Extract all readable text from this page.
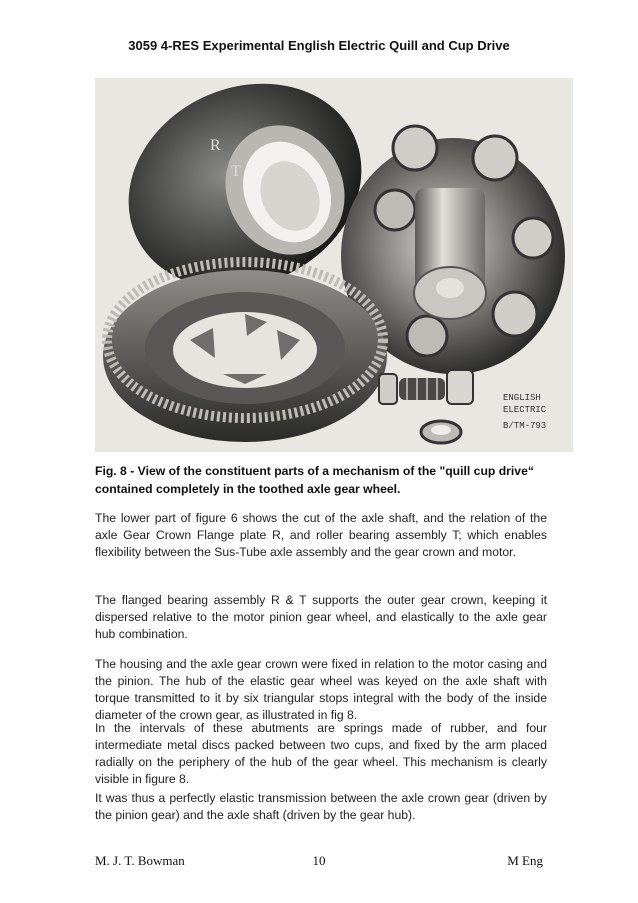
3059 4-RES Experimental English Electric Quill and Cup Drive
R
T
ENGLISH
ELECTRIC
B/TM-793
Fig. 8 - View of the constituent parts of a mechanism of the "quill cup drive“ contained completely in the toothed axle gear wheel.

The lower part of figure 6 shows the cut of the axle shaft, and the relation of the axle Gear Crown Flange plate R, and roller bearing assembly T; which enables flexibility between the Sus-Tube axle assembly and the gear crown and motor.

The flanged bearing assembly R & T supports the outer gear crown, keeping it dispersed relative to the motor pinion gear wheel, and elastically to the axle gear hub combination.

The housing and the axle gear crown were fixed in relation to the motor casing and the pinion. The hub of the elastic gear wheel was keyed on the axle shaft with torque transmitted to it by six triangular stops integral with the body of the inside diameter of the crown gear, as illustrated in fig 8.

In the intervals of these abutments are springs made of rubber, and four intermediate metal discs packed between two cups, and fixed by the arm placed radially on the periphery of the hub of the gear wheel. This mechanism is clearly visible in figure 8.

It was thus a perfectly elastic transmission between the axle crown gear (driven by the pinion gear) and the axle shaft (driven by the gear hub).

M. J. T. Bowman	10	M Eng
